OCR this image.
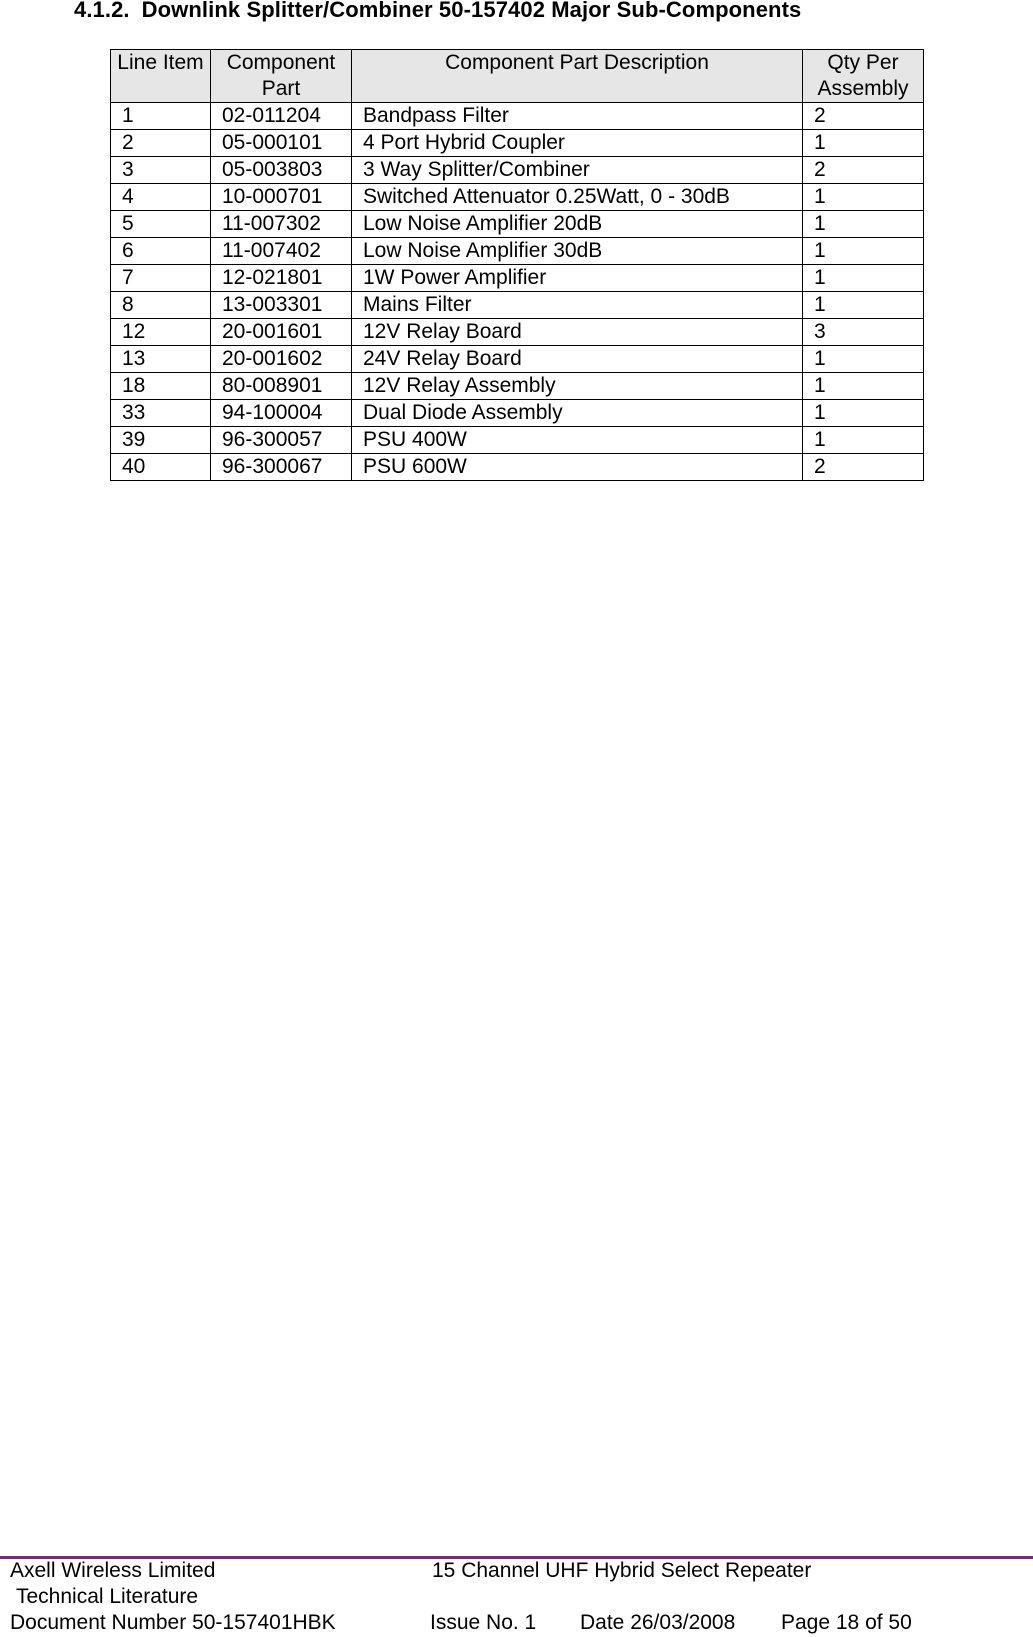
4.1.2. Downlink Splitter/Combiner 50-157402 Major Sub-Components
Line Item	Component Part	Component Part Description	Qty Per Assembly
1	02-011204	Bandpass Filter	2
2	05-000101	4 Port Hybrid Coupler	1
3	05-003803	3 Way Splitter/Combiner	2
4	10-000701	Switched Attenuator 0.25Watt, 0 - 30dB	1
5	11-007302	Low Noise Amplifier 20dB	1
6	11-007402	Low Noise Amplifier 30dB	1
7	12-021801	1W Power Amplifier	1
8	13-003301	Mains Filter	1
12	20-001601	12V Relay Board	3
13	20-001602	24V Relay Board	1
18	80-008901	12V Relay Assembly	1
33	94-100004	Dual Diode Assembly	1
39	96-300057	PSU 400W	1
40	96-300067	PSU 600W	2
Axell Wireless Limited	15 Channel UHF Hybrid Select Repeater
Technical Literature
Document Number 50-157401HBK	Issue No. 1 Date 26/03/2008 Page 18 of 50
